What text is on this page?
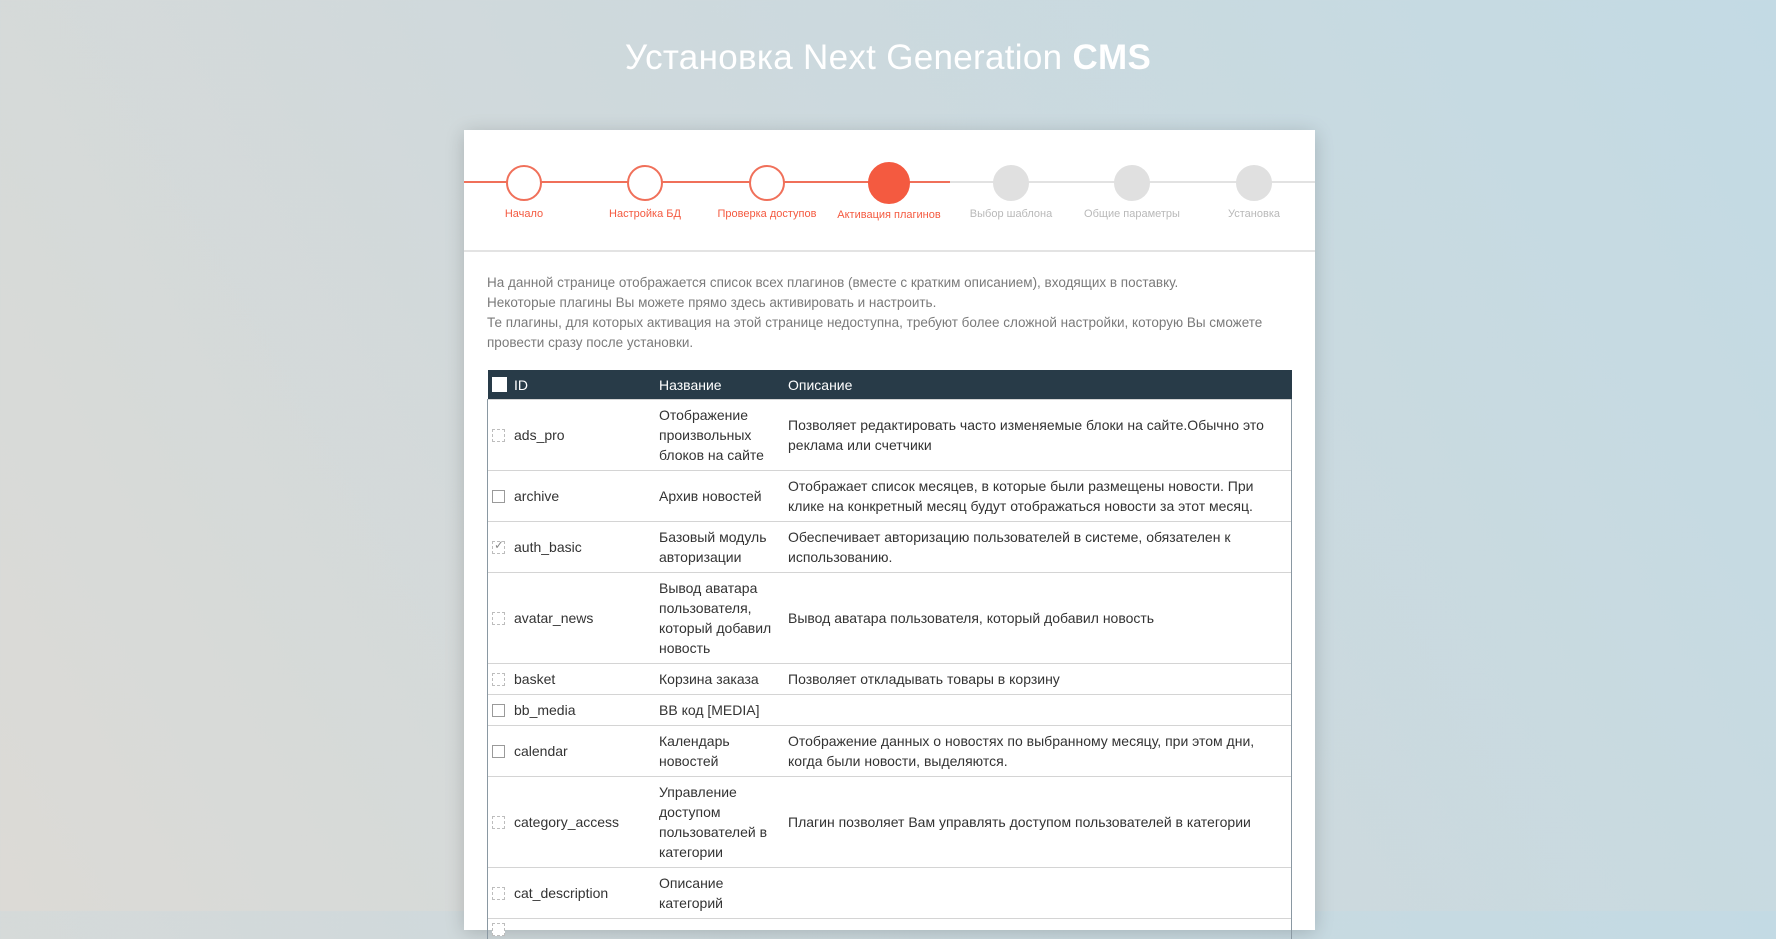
Установка Next Generation CMS
Начало	Настройка БД	Проверка доступов	Активация плагинов	Выбор шаблона	Общие параметры	Установка

На данной странице отображается список всех плагинов (вместе с кратким описанием), входящих в поставку.

Некоторые плагины Вы можете прямо здесь активировать и настроить.

Те плагины, для которых активация на этой странице недоступна, требуют более сложной настройки, которую Вы сможете провести сразу после установки.

	ID	Название	Описание
	ads_pro	Отображение произвольных блоков на сайте	Позволяет редактировать часто изменяемые блоки на сайте.Обычно это реклама или счетчики
	archive	Архив новостей	Отображает список месяцев, в которые были размещены новости. При клике на конкретный месяц будут отображаться новости за этот месяц.

✓	auth_basic	Базовый модуль авторизации	Обеспечивает авторизацию пользователей в системе, обязателен к использованию.
	avatar_news	Вывод аватара пользователя, который добавил новость	Вывод аватара пользователя, который добавил новость
	basket	Корзина заказа	Позволяет откладывать товары в корзину
	bb_media	BB код [MEDIA]	
	calendar	Календарь новостей	Отображение данных о новостях по выбранному месяцу, при этом дни, когда были новости, выделяются.
	category_access	Управление доступом пользователей в категории	Плагин позволяет Вам управлять доступом пользователей в категории
	cat_description	Описание категорий	
